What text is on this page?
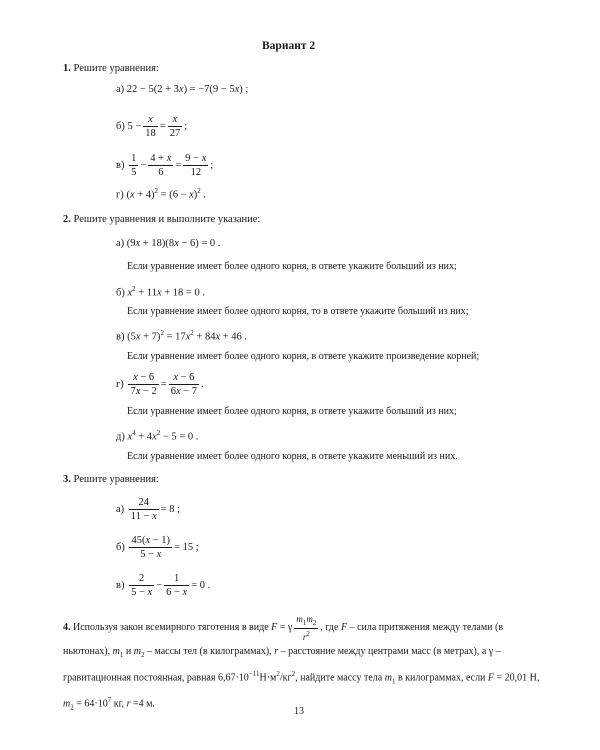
Вариант 2
1. Решите уравнения:
а) 22 − 5(2 + 3x) = −7(9 − 5x) ;
б) $5 - \frac{x}{18} = \frac{x}{27}$ ;
$в) \frac{1}{5} - \frac{4 + x}{6} = \frac{9 - x}{12}$ ;
г) $(x + 4)^2 = (6 - x)^2$ .
2. Решите уравнения и выполните указание:
а) (9x + 18)(8x − 6) = 0 .
Если уравнение имеет более одного корня, в ответе укажите больший из них;
б) $x^2 + 11x + 18 = 0$ .
Если уравнение имеет более одного корня, то в ответе укажите больший из них;
в) $(5x + 7)^2 = 17x^2 + 84x + 46$ .
Если уравнение имеет более одного корня, в ответе укажите произведение корней;
$г) \frac{x - 6}{7x - 2} = \frac{x - 6}{6x - 7}$ .
Если уравнение имеет более одного корня, в ответе укажите больший из них;
д) $x^4 + 4x^2 - 5 = 0$ .
Если уравнение имеет более одного корня, в ответе укажите меньший из них.
3. Решите уравнения:
$а) \frac{24}{11 - x} = 8$ ;
$б) \frac{45(x - 1)}{5 - x} = 15$ ;
$в) \frac{2}{5 - x} - \frac{1}{6 - x} = 0$ .
4. Используя закон всемирного тяготения в виде F = γ $\frac{m_1m_2}{r^2}$ , где F – сила притяжения между телами (в ньютонах), $m_1$ и $m_2$ – массы тел (в килограммах), r – расстояние между центрами масс (в метрах), а γ – гравитационная постоянная, равная $6,67\cdot 10^{-11}Н\cdot м^2/кг^2$, найдите массу тела $m_1$ в килограммах, если F = 20,01 Н, $m_2 = 64\cdot 10^7$ кг, r =4 м.
13
